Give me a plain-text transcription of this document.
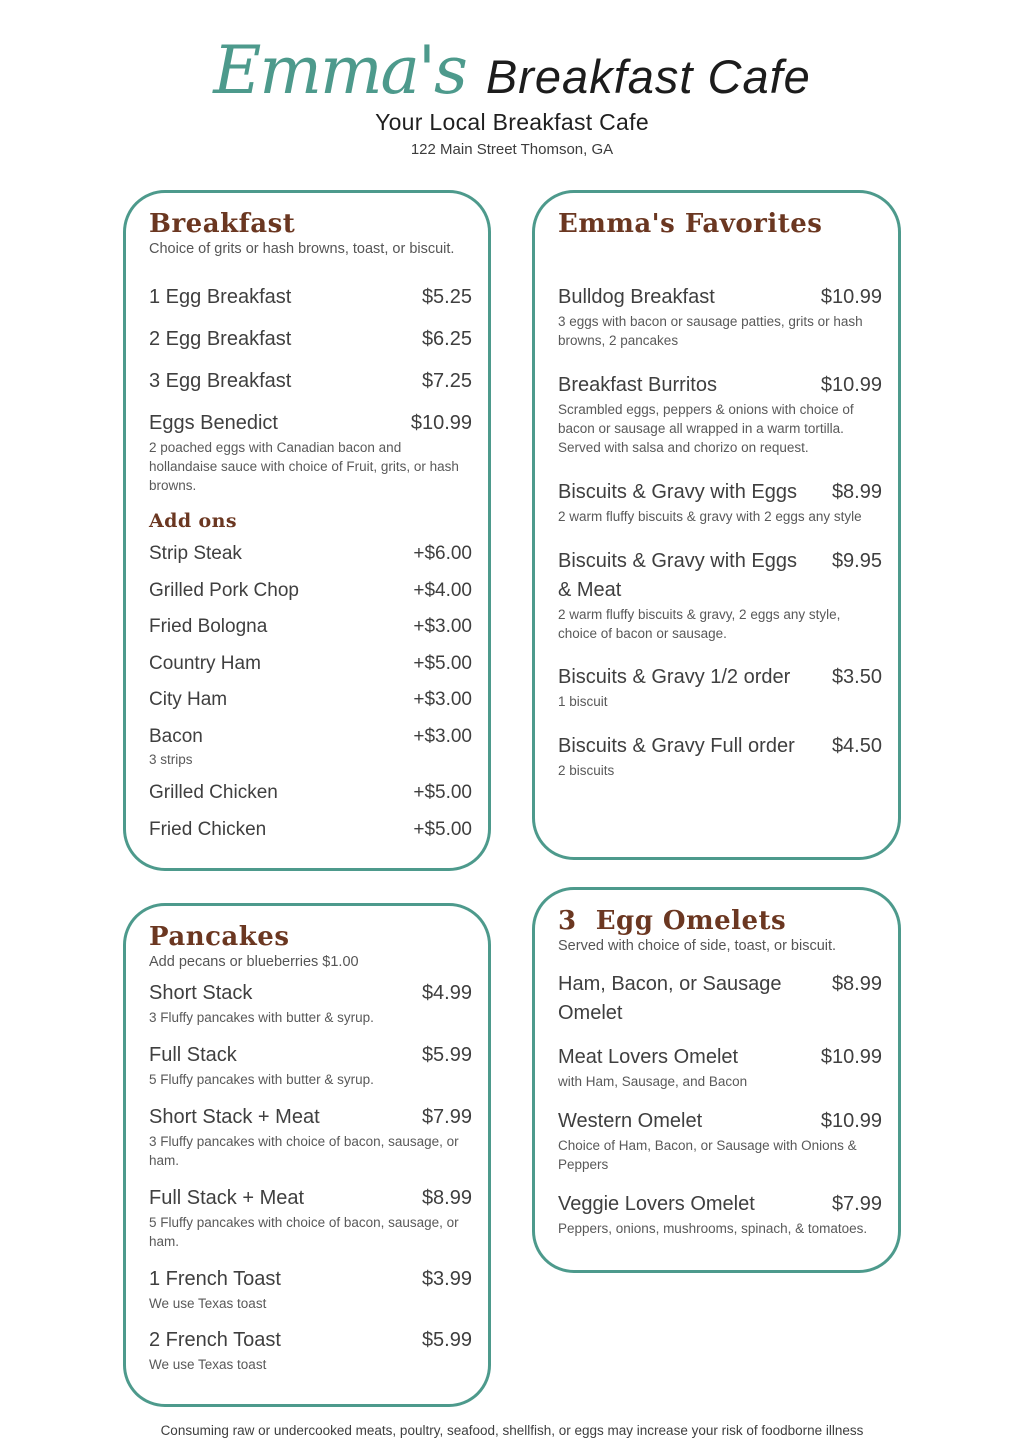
Emma's Breakfast Cafe
Your Local Breakfast Cafe
122 Main Street Thomson, GA
Breakfast

Choice of grits or hash browns, toast, or biscuit.

1 Egg Breakfast	$5.25
2 Egg Breakfast	$6.25
3 Egg Breakfast	$7.25
Eggs Benedict	$10.99
2 poached eggs with Canadian bacon and hollandaise sauce with choice of Fruit, grits, or hash browns.
Add ons
Strip Steak	+$6.00
Grilled Pork Chop	+$4.00
Fried Bologna	+$3.00
Country Ham	+$5.00
City Ham	+$3.00
Bacon	+$3.00
3 strips
Grilled Chicken	+$5.00
Fried Chicken	+$5.00
Pancakes

Add pecans or blueberries $1.00

Short Stack	$4.99
3 Fluffy pancakes with butter & syrup.
Full Stack	$5.99
5 Fluffy pancakes with butter & syrup.
Short Stack + Meat	$7.99
3 Fluffy pancakes with choice of bacon, sausage, or ham.
Full Stack + Meat	$8.99
5 Fluffy pancakes with choice of bacon, sausage, or ham.
1 French Toast	$3.99
We use Texas toast
2 French Toast	$5.99
We use Texas toast
Emma's Favorites
Bulldog Breakfast	$10.99
3 eggs with bacon or sausage patties, grits or hash browns, 2 pancakes
Breakfast Burritos	$10.99
Scrambled eggs, peppers & onions with choice of bacon or sausage all wrapped in a warm tortilla. Served with salsa and chorizo on request.
Biscuits & Gravy with Eggs $8.99
2 warm fluffy biscuits & gravy with 2 eggs any style
Biscuits & Gravy with Eggs & Meat
$9.95
2 warm fluffy biscuits & gravy, 2 eggs any style, choice of bacon or sausage.
Biscuits & Gravy 1/2 order $3.50
1 biscuit
Biscuits & Gravy Full order $4.50
2 biscuits
3  Egg Omelets

Served with choice of side, toast, or biscuit.

Ham, Bacon, or Sausage Omelet
$8.99
Meat Lovers Omelet	$10.99
with Ham, Sausage, and Bacon
Western Omelet	$10.99
Choice of Ham, Bacon, or Sausage with Onions & Peppers
Veggie Lovers Omelet	$7.99
Peppers, onions, mushrooms, spinach, & tomatoes.
Consuming raw or undercooked meats, poultry, seafood, shellfish, or eggs may increase your risk of foodborne illness
